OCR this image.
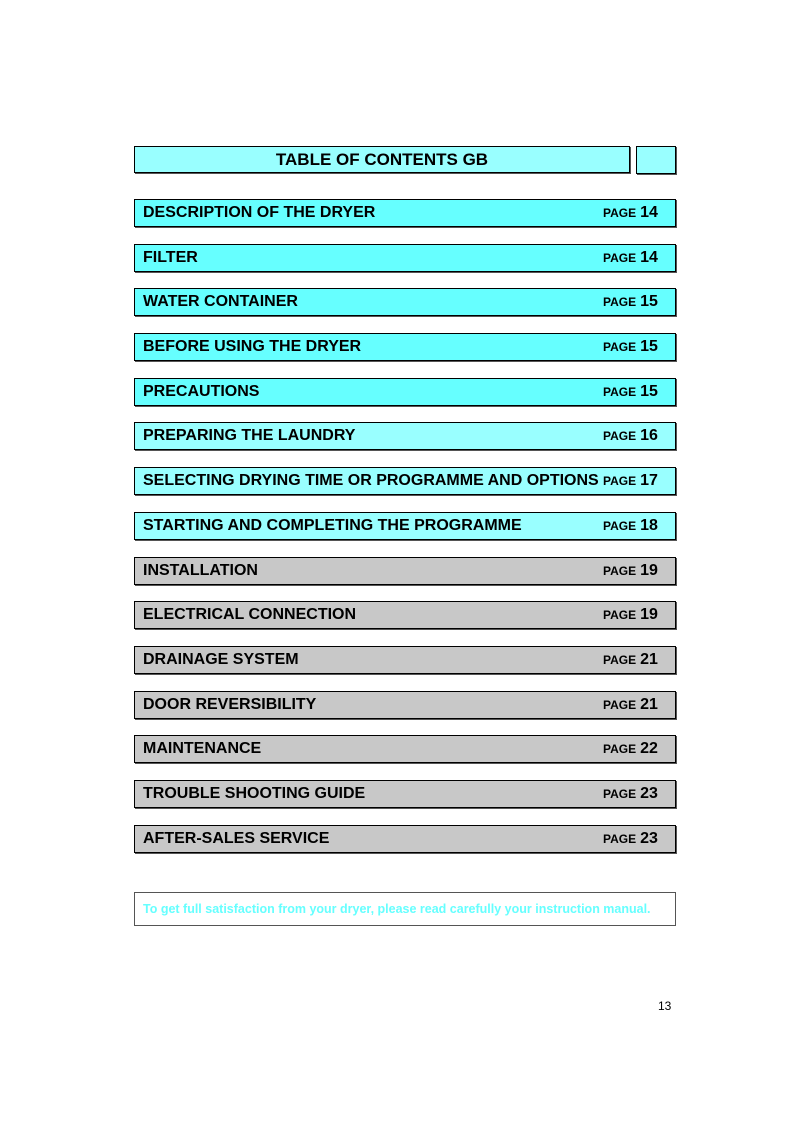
TABLE OF CONTENTS GB
DESCRIPTION OF THE DRYER	PAGE 14
FILTER	PAGE 14
WATER CONTAINER	PAGE 15
BEFORE USING THE DRYER	PAGE 15
PRECAUTIONS	PAGE 15
PREPARING THE LAUNDRY	PAGE 16
SELECTING DRYING TIME OR PROGRAMME AND OPTIONS PAGE 17
STARTING AND COMPLETING THE PROGRAMME	PAGE 18
INSTALLATION	PAGE 19
ELECTRICAL CONNECTION	PAGE 19
DRAINAGE SYSTEM	PAGE 21
DOOR REVERSIBILITY	PAGE 21
MAINTENANCE	PAGE 22
TROUBLE SHOOTING GUIDE	PAGE 23
AFTER-SALES SERVICE	PAGE 23
To get full satisfaction from your dryer, please read carefully your instruction manual.
13
